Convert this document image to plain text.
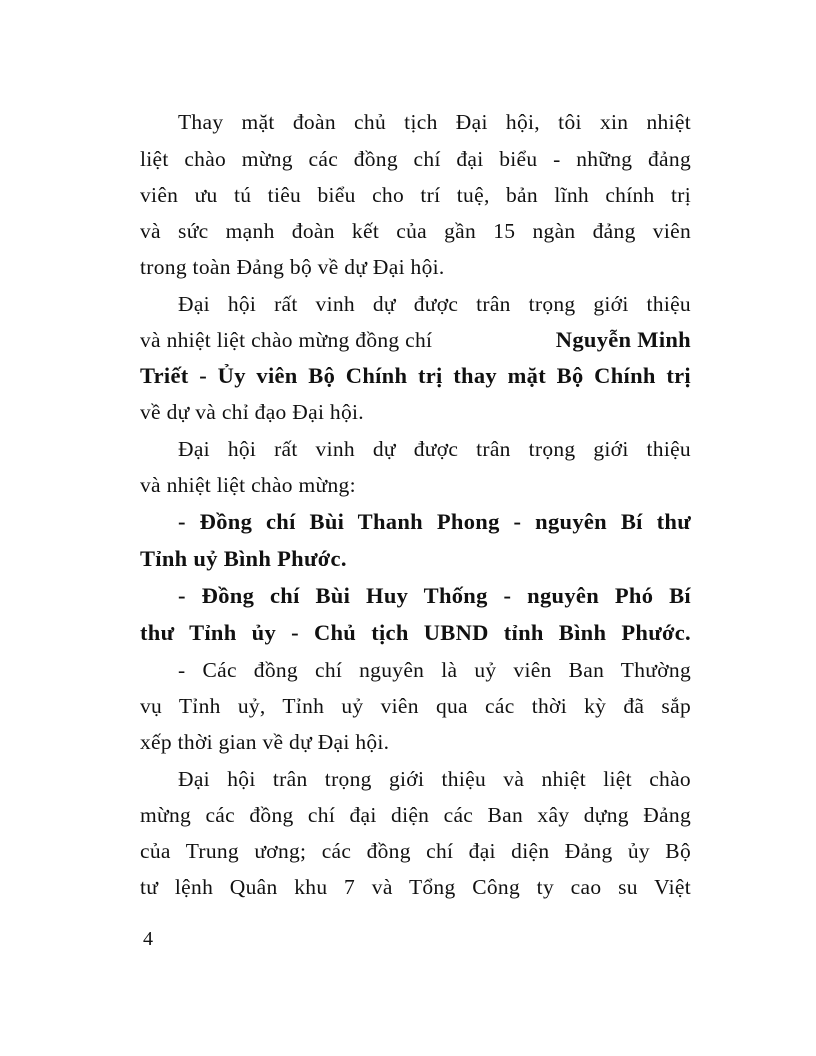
Thay mặt đoàn chủ tịch Đại hội, tôi xin nhiệt
liệt chào mừng các đồng chí đại biểu - những đảng
viên ưu tú tiêu biểu cho trí tuệ, bản lĩnh chính trị
và sức mạnh đoàn kết của gần 15 ngàn đảng viên
trong toàn Đảng bộ về dự Đại hội.
Đại hội rất vinh dự được trân trọng giới thiệu
và nhiệt liệt chào mừng đồng chí	Nguyễn Minh
Triết - Ủy viên Bộ Chính trị thay mặt Bộ Chính trị
về dự và chỉ đạo Đại hội.
Đại hội rất vinh dự được trân trọng giới thiệu
và nhiệt liệt chào mừng:
- Đồng chí Bùi Thanh Phong - nguyên Bí thư
Tỉnh uỷ Bình Phước.
- Đồng chí Bùi Huy Thống - nguyên Phó Bí
thư Tỉnh ủy - Chủ tịch UBND tỉnh Bình Phước.
- Các đồng chí nguyên là uỷ viên Ban Thường
vụ Tỉnh uỷ, Tỉnh uỷ viên qua các thời kỳ đã sắp
xếp thời gian về dự Đại hội.
Đại hội trân trọng giới thiệu và nhiệt liệt chào
mừng các đồng chí đại diện các Ban xây dựng Đảng
của Trung ương; các đồng chí đại diện Đảng ủy Bộ
tư lệnh Quân khu 7 và Tổng Công ty cao su Việt
4
